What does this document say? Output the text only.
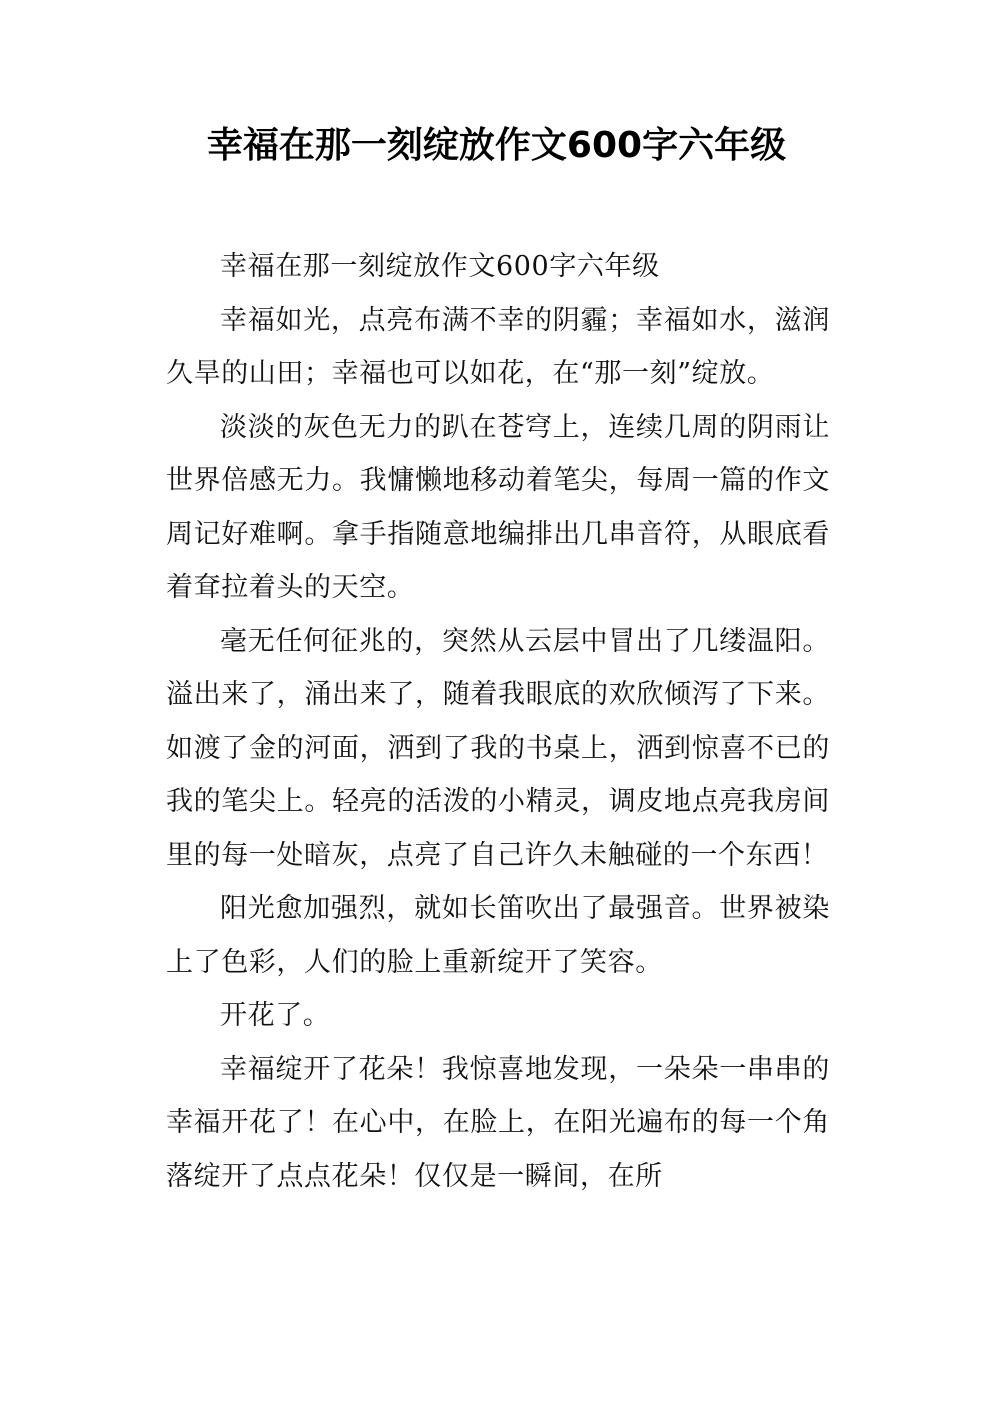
幸福在那一刻绽放作文600字六年级

幸福在那一刻绽放作文600字六年级

幸福如光，点亮布满不幸的阴霾；幸福如水，滋润久旱的山田；幸福也可以如花，在“那一刻”绽放。

淡淡的灰色无力的趴在苍穹上，连续几周的阴雨让世界倍感无力。我慵懒地移动着笔尖，每周一篇的作文周记好难啊。拿手指随意地编排出几串音符，从眼底看着耷拉着头的天空。

毫无任何征兆的，突然从云层中冒出了几缕温阳。溢出来了，涌出来了，随着我眼底的欢欣倾泻了下来。如渡了金的河面，洒到了我的书桌上，洒到惊喜不已的我的笔尖上。轻亮的活泼的小精灵，调皮地点亮我房间里的每一处暗灰，点亮了自己许久未触碰的一个东西！

阳光愈加强烈，就如长笛吹出了最强音。世界被染上了色彩，人们的脸上重新绽开了笑容。

开花了。

幸福绽开了花朵！我惊喜地发现，一朵朵一串串的幸福开花了！在心中，在脸上，在阳光遍布的每一个角落绽开了点点花朵！仅仅是一瞬间，在所
